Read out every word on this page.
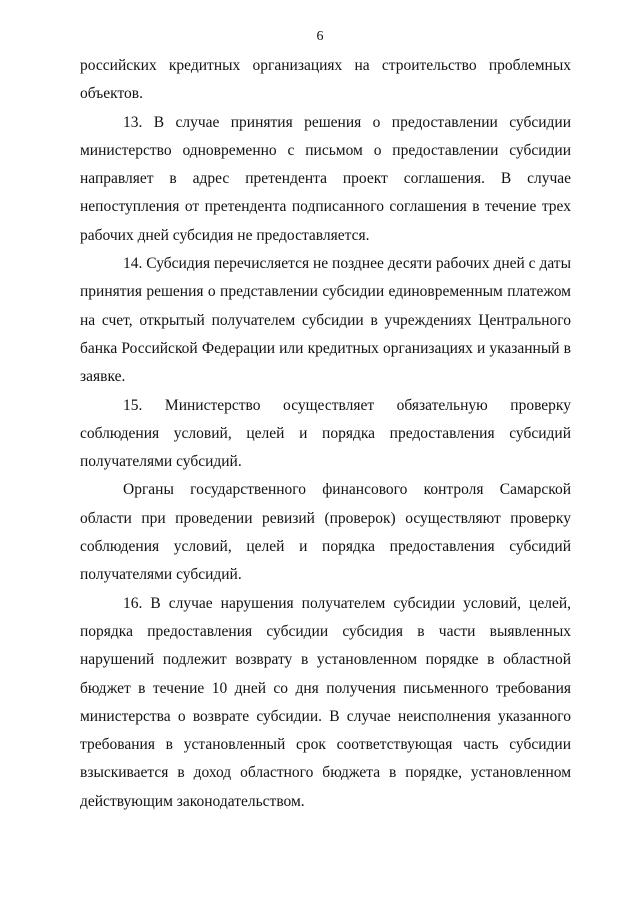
6

российских кредитных организациях на строительство проблемных объектов.

13. В случае принятия решения о предоставлении субсидии министерство одновременно с письмом о предоставлении субсидии направляет в адрес претендента проект соглашения. В случае непоступления от претендента подписанного соглашения в течение трех рабочих дней субсидия не предоставляется.

14. Субсидия перечисляется не позднее десяти рабочих дней с даты принятия решения о представлении субсидии единовременным платежом на счет, открытый получателем субсидии в учреждениях Центрального банка Российской Федерации или кредитных организациях и указанный в заявке.

15. Министерство осуществляет обязательную проверку соблюдения условий, целей и порядка предоставления субсидий получателями субсидий.

Органы государственного финансового контроля Самарской области при проведении ревизий (проверок) осуществляют проверку соблюдения условий, целей и порядка предоставления субсидий получателями субсидий.

16. В случае нарушения получателем субсидии условий, целей, порядка предоставления субсидии субсидия в части выявленных нарушений подлежит возврату в установленном порядке в областной бюджет в течение 10 дней со дня получения письменного требования министерства о возврате субсидии. В случае неисполнения указанного требования в установленный срок соответствующая часть субсидии взыскивается в доход областного бюджета в порядке, установленном действующим законодательством.
